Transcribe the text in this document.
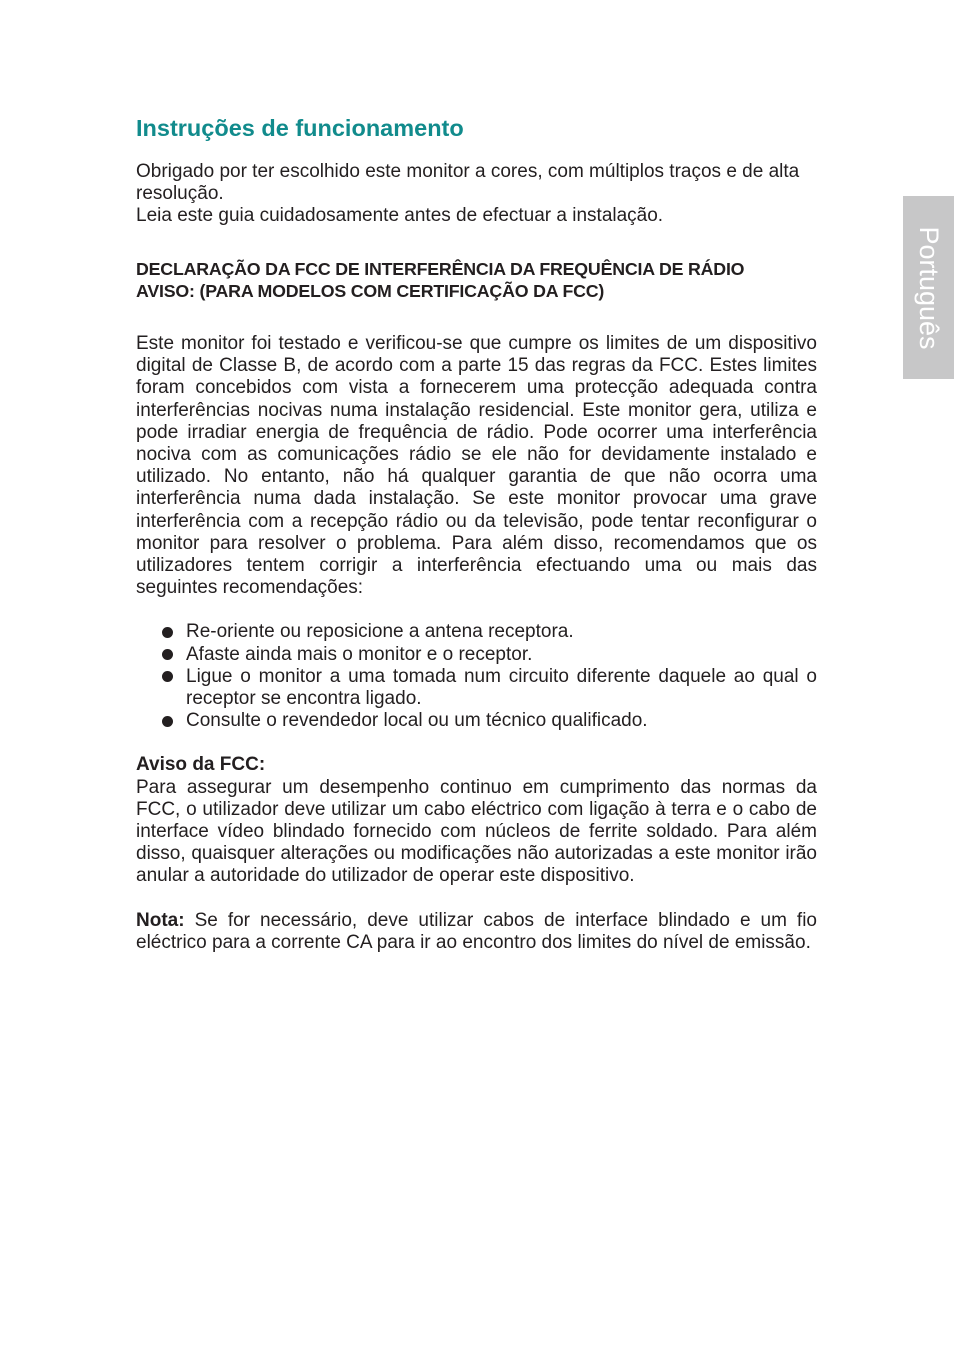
Português
Instruções de funcionamento

Obrigado por ter escolhido este monitor a cores, com múltiplos traços e de alta resolução.

Leia este guia cuidadosamente antes de efectuar a instalação.

DECLARAÇÃO DA FCC DE INTERFERÊNCIA DA FREQUÊNCIA DE RÁDIO
AVISO: (PARA MODELOS COM CERTIFICAÇÃO DA FCC)

Este monitor foi testado e verificou-se que cumpre os limites de um dispositivo digital de Classe B, de acordo com a parte 15 das regras da FCC. Estes limites foram concebidos com vista a fornecerem uma protecção adequada contra interferências nocivas numa instalação residencial. Este monitor gera, utiliza e pode irradiar energia de frequência de rádio. Pode ocorrer uma interferência nociva com as comunicações rádio se ele não for devidamente instalado e utilizado. No entanto, não há qualquer garantia de que não ocorra uma interferência numa dada instalação. Se este monitor provocar uma grave interferência com a recepção rádio ou da televisão, pode tentar reconfigurar o monitor para resolver o problema. Para além disso, recomendamos que os utilizadores tentem corrigir a interferência efectuando uma ou mais das seguintes recomendações:

Re-oriente ou reposicione a antena receptora.
Afaste ainda mais o monitor e o receptor.
Ligue o monitor a uma tomada num circuito diferente daquele ao qual o receptor se encontra ligado.
Consulte o revendedor local ou um técnico qualificado.
Aviso da FCC:

Para assegurar um desempenho continuo em cumprimento das normas da FCC, o utilizador deve utilizar um cabo eléctrico com ligação à terra e o cabo de interface vídeo blindado fornecido com núcleos de ferrite soldado. Para além disso, quaisquer alterações ou modificações não autorizadas a este monitor irão anular a autoridade do utilizador de operar este dispositivo.

Nota: Se for necessário, deve utilizar cabos de interface blindado e um fio eléctrico para a corrente CA para ir ao encontro dos limites do nível de emissão.
